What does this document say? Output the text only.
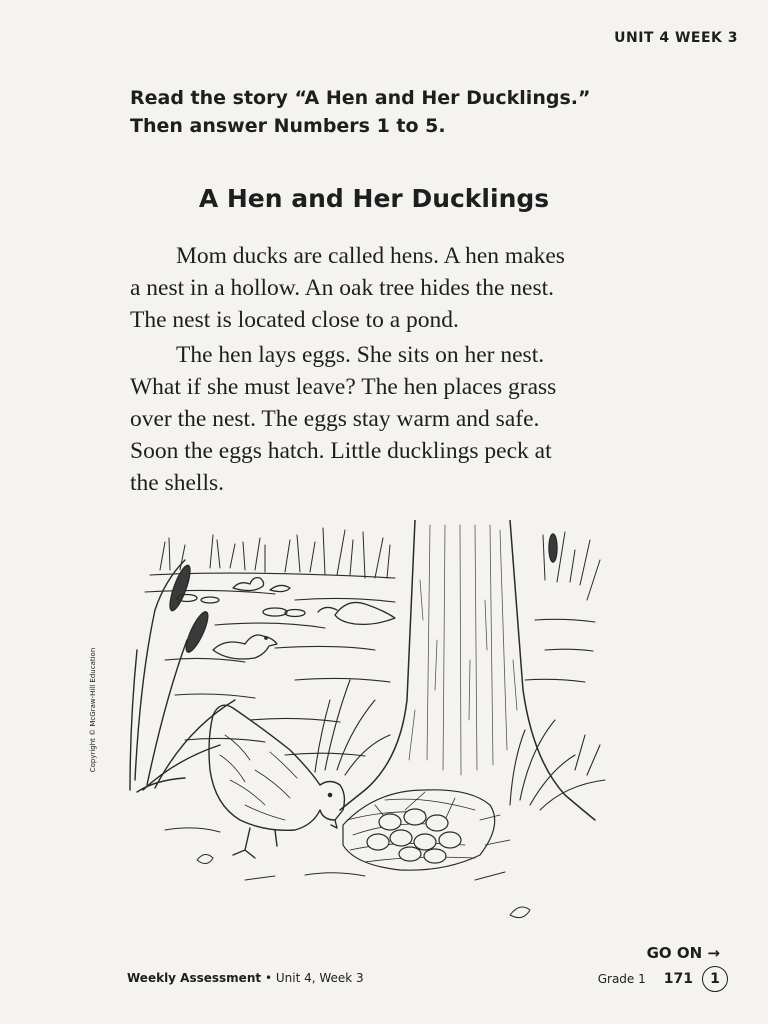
UNIT 4 WEEK 3
Read the story “A Hen and Her Ducklings.”
Then answer Numbers 1 to 5.
A Hen and Her Ducklings

Mom ducks are called hens. A hen makes
a nest in a hollow. An oak tree hides the nest.
The nest is located close to a pond.

The hen lays eggs. She sits on her nest.
What if she must leave? The hen places grass
over the nest. The eggs stay warm and safe.
Soon the eggs hatch. Little ducklings peck at
the shells.

Copyright © McGraw-Hill Education
GO ON →
Weekly Assessment • Unit 4, Week 3	Grade 1 171	1
